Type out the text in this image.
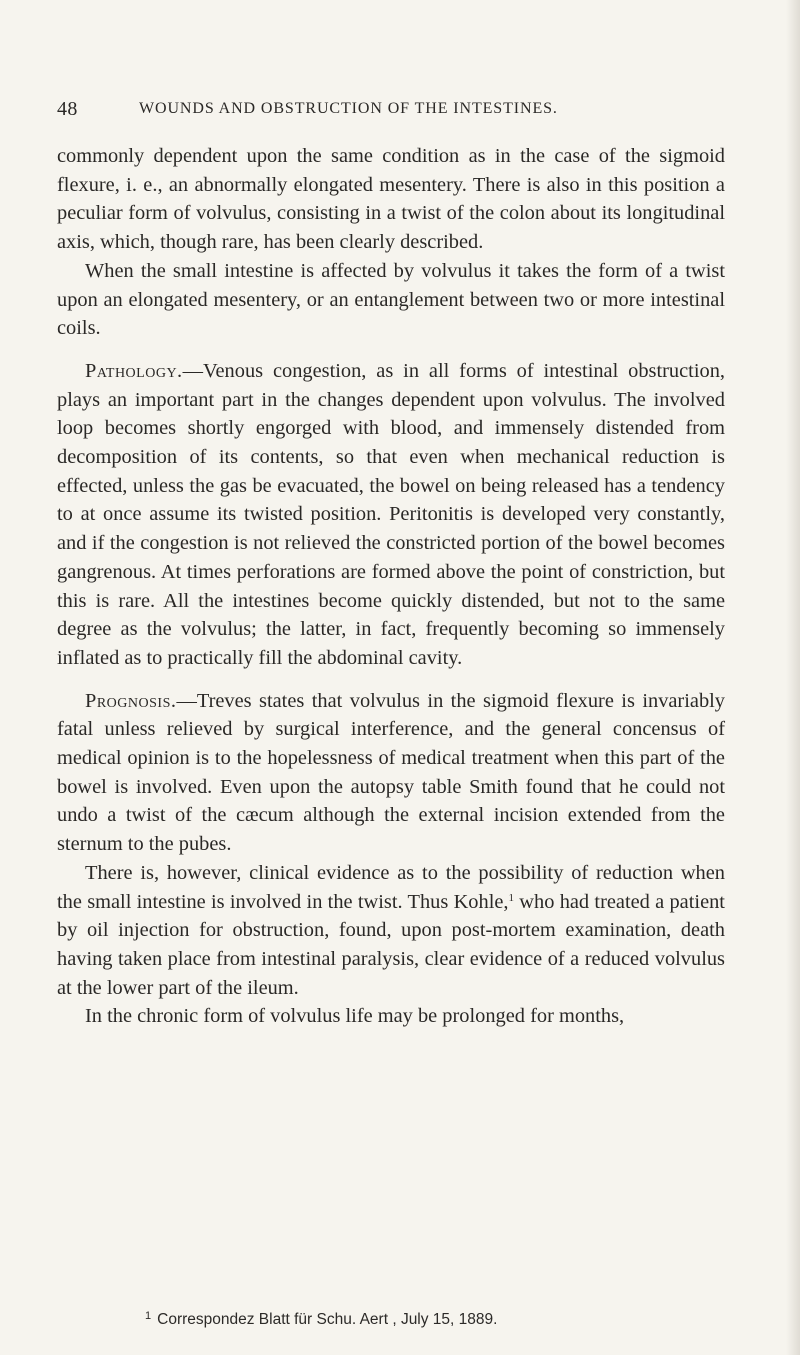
48	WOUNDS AND OBSTRUCTION OF THE INTESTINES.

commonly dependent upon the same condition as in the case of the sigmoid flexure, i. e., an abnormally elongated mesentery. There is also in this position a peculiar form of volvulus, consisting in a twist of the colon about its longitudinal axis, which, though rare, has been clearly described.

When the small intestine is affected by volvulus it takes the form of a twist upon an elongated mesentery, or an entanglement between two or more intestinal coils.

Pathology.—Venous congestion, as in all forms of intestinal obstruction, plays an important part in the changes dependent upon volvulus. The involved loop becomes shortly engorged with blood, and immensely distended from decomposition of its contents, so that even when mechanical reduction is effected, unless the gas be evacuated, the bowel on being released has a tendency to at once assume its twisted position. Peritonitis is developed very constantly, and if the congestion is not relieved the constricted portion of the bowel becomes gangrenous. At times perforations are formed above the point of constriction, but this is rare. All the intestines become quickly distended, but not to the same degree as the volvulus; the latter, in fact, frequently becoming so immensely inflated as to practically fill the abdominal cavity.

Prognosis.—Treves states that volvulus in the sigmoid flexure is invariably fatal unless relieved by surgical interference, and the general concensus of medical opinion is to the hopelessness of medical treatment when this part of the bowel is involved. Even upon the autopsy table Smith found that he could not undo a twist of the cæcum although the external incision extended from the sternum to the pubes.

There is, however, clinical evidence as to the possibility of reduction when the small intestine is involved in the twist. Thus Kohle,$^1$ who had treated a patient by oil injection for obstruction, found, upon post-mortem examination, death having taken place from intestinal paralysis, clear evidence of a reduced volvulus at the lower part of the ileum.

In the chronic form of volvulus life may be prolonged for months,

$^1$ Correspondez Blatt für Schu. Aert , July 15, 1889.
